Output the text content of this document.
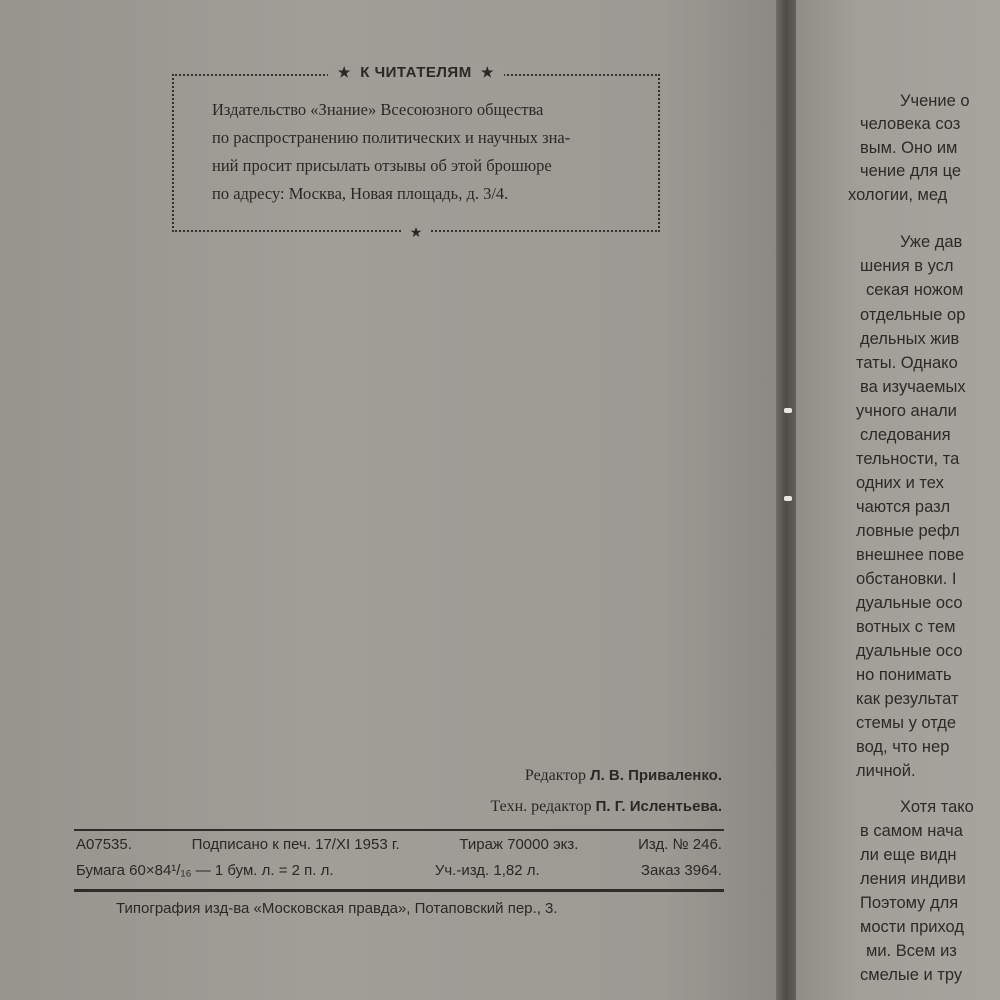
★ К ЧИТАТЕЛЯМ ★
Издательство «Знание» Всесоюзного общества
по распространению политических и научных зна-
ний просит присылать отзывы об этой брошюре
по адресу: Москва, Новая площадь, д. 3/4.
★
Редактор Л. В. Приваленко.
Техн. редактор П. Г. Ислентьева.
А07535.	Подписано к печ. 17/XI 1953 г.	Тираж 70000 экз.	Изд. № 246.
Бумага 60×84¹/₁₆ — 1 бум. л. = 2 п. л.	Уч.-изд. 1,82 л.	Заказ 3964.
Типография изд-ва «Московская правда», Потаповский пер., 3.
Учение о
человека соз
вым. Оно им
чение для це
хологии, мед
Уже дав
шения в усл
секая ножом
отдельные ор
дельных жив
таты. Однако
ва изучаемых
учного анали
следования
тельности, та
одних и тех
чаются разл
ловные рефл
внешнее пове
обстановки. І
дуальные осо
вотных с тем
дуальные осо
но понимать
как результат
стемы у отде
вод, что нер
личной.
Хотя тако
в самом нача
ли еще видн
ления индиви
Поэтому для
мости приход
ми. Всем из
смелые и тру
